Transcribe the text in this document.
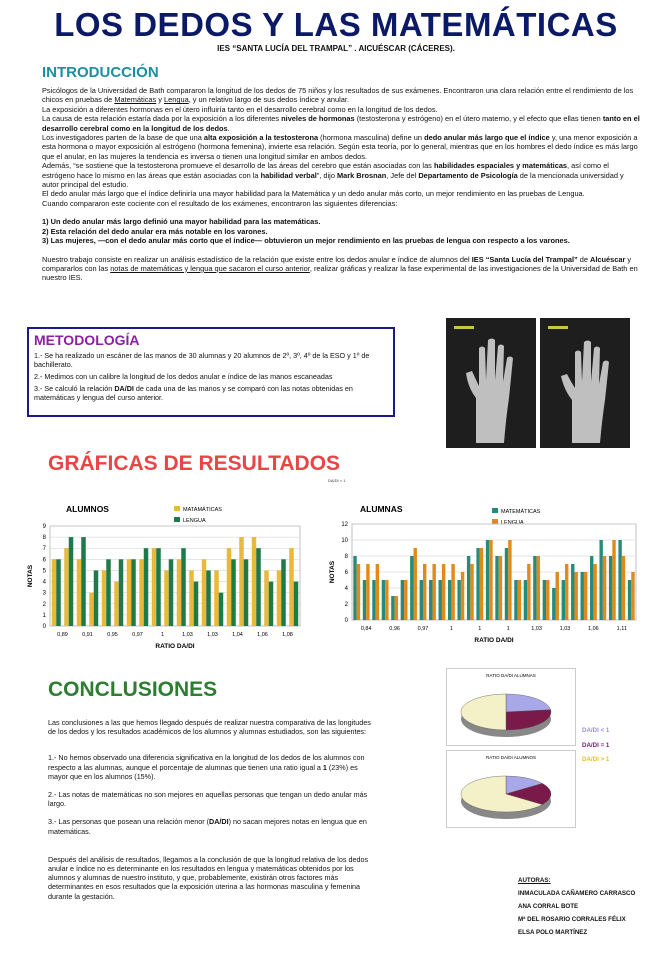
LOS DEDOS Y LAS MATEMÁTICAS
IES “SANTA LUCÍA DEL TRAMPAL” . AICUÉSCAR (CÁCERES).
INTRODUCCIÓN

Psicólogos de la Universidad de Bath compararon la longitud de los dedos de 75 niños y los resultados de sus exámenes. Encontraron una clara relación entre el rendimiento de los chicos en pruebas de Matemáticas y Lengua, y un relativo largo de sus dedos índice y anular.

La exposición a diferentes hormonas en el útero influiría tanto en el desarrollo cerebral como en la longitud de los dedos.

La causa de esta relación estaría dada por la exposición a los diferentes niveles de hormonas (testosterona y estrógeno) en el útero materno, y el efecto que ellas tienen tanto en el desarrollo cerebral como en la longitud de los dedos.

Los investigadores parten de la base de que una alta exposición a la testosterona (hormona masculina) define un dedo anular más largo que el índice y, una menor exposición a esta hormona o mayor exposición al estrógeno (hormona femenina), invierte esa relación. Según esta teoría, por lo general, mientras que en los hombres el dedo índice es más largo que el anular, en las mujeres la tendencia es inversa o tienen una longitud similar en ambos dedos.

Además, “se sostiene que la testosterona promueve el desarrollo de las áreas del cerebro que están asociadas con las habilidades espaciales y matemáticas, así como el estrógeno hace lo mismo en las áreas que están asociadas con la habilidad verbal”, dijo Mark Brosnan, Jefe del Departamento de Psicología de la mencionada universidad y autor principal del estudio.

El dedo anular más largo que el índice definiría una mayor habilidad para la Matemática y un dedo anular más corto, un mejor rendimiento en las pruebas de Lengua.

Cuando compararon este cociente con el resultado de los exámenes, encontraron las siguientes diferencias:

1) Un dedo anular más largo definió una mayor habilidad para las matemáticas.

2) Esta relación del dedo anular era más notable en los varones.

3) Las mujeres, —con el dedo anular más corto que el índice— obtuvieron un mejor rendimiento en las pruebas de lengua con respecto a los varones.

Nuestro trabajo consiste en realizar un análisis estadístico de la relación que existe entre los dedos anular e índice de alumnos del IES “Santa Lucía del Trampal” de Alcuéscar y compararlos con las notas de matemáticas y lengua que sacaron el curso anterior, realizar gráficas y realizar la fase experimental de las investigaciones de la Universidad de Bath en nuestro IES.

METODOLOGÍA
1.- Se ha realizado un escáner de las manos de 30 alumnas y 20 alumnos de 2º, 3º, 4º de la ESO y 1º de bachillerato.
2.- Medimos con un calibre la longitud de los dedos anular e índice de las manos escaneadas
3.- Se calculó la relación DA/DI de cada una de las manos y se comparó con las notas obtenidas en matemáticas y lengua del curso anterior.
GRÁFICAS DE RESULTADOS
DA/DI < 1
ALUMNOS	MATAMÁTICAS
LENGUA
0
1
2
3
4
5
6
7
8
9
0,89	0,91	0,95	0,97	1	1,03	1,03	1,04	1,06	1,08
RATIO DA/DI
NOTAS
ALUMNAS	MATEMÁTICAS
LENGUA
0
2
4
6
8
10
12
0,84	0,96	0,97	1	1	1	1,03	1,03	1,06	1,11
RATIO DA/DI
NOTAS
CONCLUSIONES

Las conclusiones a las que hemos llegado después de realizar nuestra comparativa de las longitudes de los dedos y los resultados académicos de los alumnos y alumnas estudiados, son las siguientes:

1.- No hemos observado una diferencia significativa en la longitud de los dedos de los alumnos con respecto a las alumnas, aunque el porcentaje de alumnas que tienen una ratio igual a 1 (23%) es mayor que en los alumnos (15%).

2.- Las notas de matemáticas no son mejores en aquellas personas que tengan un dedo anular más largo.

3.- Las personas que posean una relación menor (DA/DI) no sacan mejores notas en lengua que en matemáticas.

Después del análisis de resultados, llegamos a la conclusión de que la longitud relativa de los dedos anular e índice no es determinante en los resultados en lengua y matemáticas obtenidos por los alumnos y alumnas de nuestro instituto, y que, probablemente, existirán otros factores más determinantes en esos resultados que la exposición uterina a las hormonas masculina y femenina durante la gestación.

RATIO DA/DI ALUMNAS
RATIO DA/DI ALUMNOS
DA/DI < 1
DA/DI = 1
DA/DI > 1
AUTORAS:
INMACULADA CAÑAMERO CARRASCO
ANA CORRAL BOTE
Mª DEL ROSARIO CORRALES FÉLIX
ELSA POLO MARTÍNEZ
